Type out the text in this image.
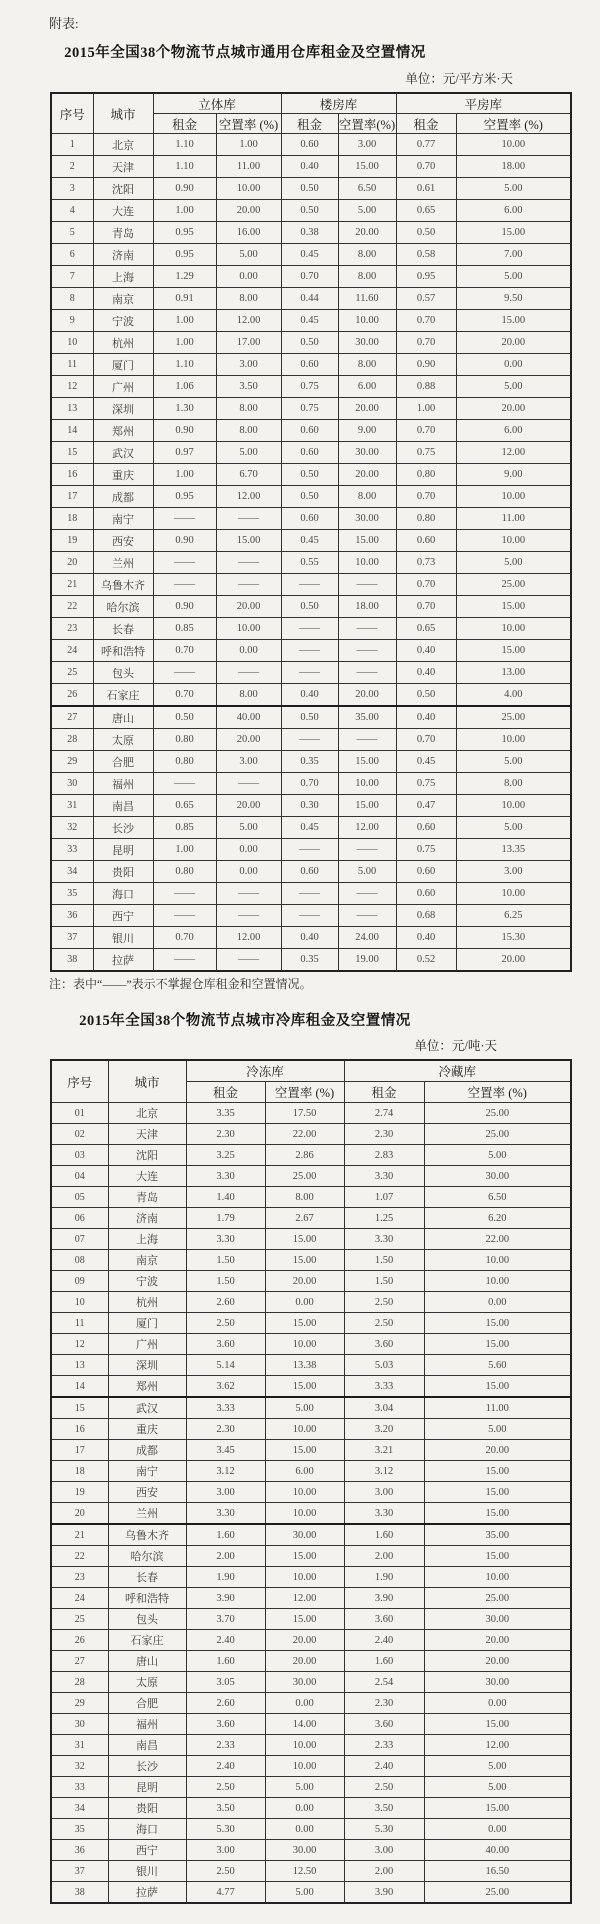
附表:
2015年全国38个物流节点城市通用仓库租金及空置情况
单位：元/平方米·天
序号	城市	立体库		楼房库		平房库	
		租金	空置率 (%)	租金	空置率(%)	租金	空置率 (%)
1	北京	1.10	1.00	0.60	3.00	0.77	10.00
2	天津	1.10	11.00	0.40	15.00	0.70	18.00
3	沈阳	0.90	10.00	0.50	6.50	0.61	5.00
4	大连	1.00	20.00	0.50	5.00	0.65	6.00
5	青岛	0.95	16.00	0.38	20.00	0.50	15.00
6	济南	0.95	5.00	0.45	8.00	0.58	7.00
7	上海	1.29	0.00	0.70	8.00	0.95	5.00
8	南京	0.91	8.00	0.44	11.60	0.57	9.50
9	宁波	1.00	12.00	0.45	10.00	0.70	15.00
10	杭州	1.00	17.00	0.50	30.00	0.70	20.00
11	厦门	1.10	3.00	0.60	8.00	0.90	0.00
12	广州	1.06	3.50	0.75	6.00	0.88	5.00
13	深圳	1.30	8.00	0.75	20.00	1.00	20.00
14	郑州	0.90	8.00	0.60	9.00	0.70	6.00
15	武汉	0.97	5.00	0.60	30.00	0.75	12.00
16	重庆	1.00	6.70	0.50	20.00	0.80	9.00
17	成都	0.95	12.00	0.50	8.00	0.70	10.00
18	南宁	——	——	0.60	30.00	0.80	11.00
19	西安	0.90	15.00	0.45	15.00	0.60	10.00
20	兰州	——	——	0.55	10.00	0.73	5.00
21	乌鲁木齐	——	——	——	——	0.70	25.00
22	哈尔滨	0.90	20.00	0.50	18.00	0.70	15.00
23	长春	0.85	10.00	——	——	0.65	10.00
24	呼和浩特	0.70	0.00	——	——	0.40	15.00
25	包头	——	——	——	——	0.40	13.00
26	石家庄	0.70	8.00	0.40	20.00	0.50	4.00
27	唐山	0.50	40.00	0.50	35.00	0.40	25.00
28	太原	0.80	20.00	——	——	0.70	10.00
29	合肥	0.80	3.00	0.35	15.00	0.45	5.00
30	福州	——	——	0.70	10.00	0.75	8.00
31	南昌	0.65	20.00	0.30	15.00	0.47	10.00
32	长沙	0.85	5.00	0.45	12.00	0.60	5.00
33	昆明	1.00	0.00	——	——	0.75	13.35
34	贵阳	0.80	0.00	0.60	5.00	0.60	3.00
35	海口	——	——	——	——	0.60	10.00
36	西宁	——	——	——	——	0.68	6.25
37	银川	0.70	12.00	0.40	24.00	0.40	15.30
38	拉萨	——	——	0.35	19.00	0.52	20.00
注：表中“——”表示不掌握仓库租金和空置情况。
2015年全国38个物流节点城市冷库租金及空置情况
单位：元/吨·天
序号	城市	冷冻库		冷藏库	
		租金	空置率 (%)	租金	空置率 (%)
01	北京	3.35	17.50	2.74	25.00
02	天津	2.30	22.00	2.30	25.00
03	沈阳	3.25	2.86	2.83	5.00
04	大连	3.30	25.00	3.30	30.00
05	青岛	1.40	8.00	1.07	6.50
06	济南	1.79	2.67	1.25	6.20
07	上海	3.30	15.00	3.30	22.00
08	南京	1.50	15.00	1.50	10.00
09	宁波	1.50	20.00	1.50	10.00
10	杭州	2.60	0.00	2.50	0.00
11	厦门	2.50	15.00	2.50	15.00
12	广州	3.60	10.00	3.60	15.00
13	深圳	5.14	13.38	5.03	5.60
14	郑州	3.62	15.00	3.33	15.00
15	武汉	3.33	5.00	3.04	11.00
16	重庆	2.30	10.00	3.20	5.00
17	成都	3.45	15.00	3.21	20.00
18	南宁	3.12	6.00	3.12	15.00
19	西安	3.00	10.00	3.00	15.00
20	兰州	3.30	10.00	3.30	15.00
21	乌鲁木齐	1.60	30.00	1.60	35.00
22	哈尔滨	2.00	15.00	2.00	15.00
23	长春	1.90	10.00	1.90	10.00
24	呼和浩特	3.90	12.00	3.90	25.00
25	包头	3.70	15.00	3.60	30.00
26	石家庄	2.40	20.00	2.40	20.00
27	唐山	1.60	20.00	1.60	20.00
28	太原	3.05	30.00	2.54	30.00
29	合肥	2.60	0.00	2.30	0.00
30	福州	3.60	14.00	3.60	15.00
31	南昌	2.33	10.00	2.33	12.00
32	长沙	2.40	10.00	2.40	5.00
33	昆明	2.50	5.00	2.50	5.00
34	贵阳	3.50	0.00	3.50	15.00
35	海口	5.30	0.00	5.30	0.00
36	西宁	3.00	30.00	3.00	40.00
37	银川	2.50	12.50	2.00	16.50
38	拉萨	4.77	5.00	3.90	25.00
